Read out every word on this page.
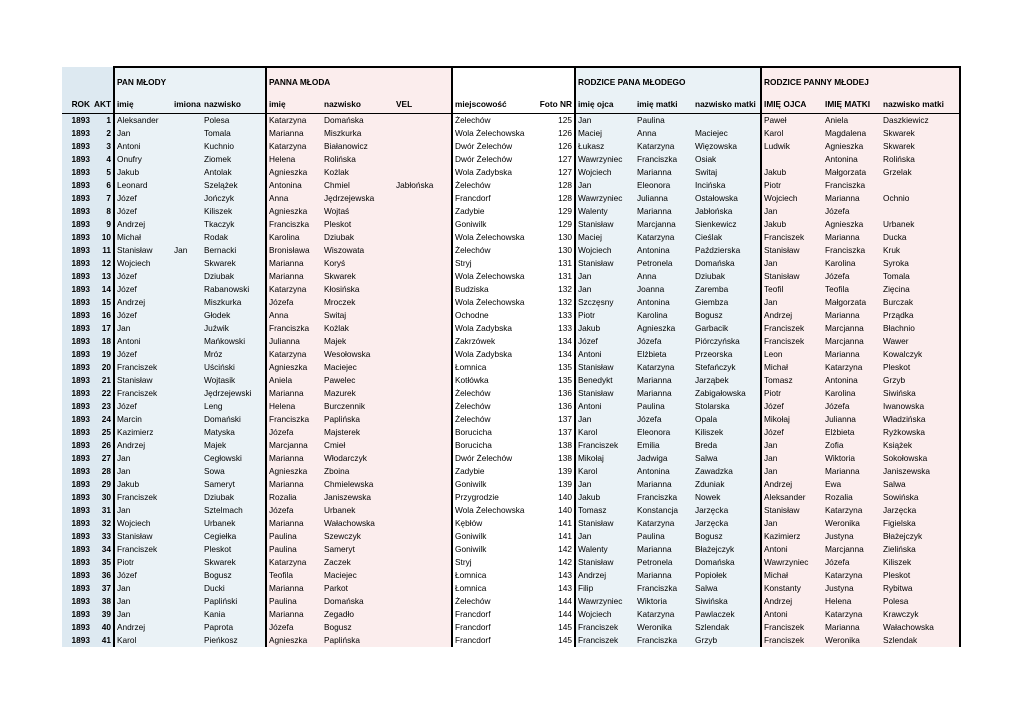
		PAN MŁODY			PANNA MŁODA					RODZICE PANA MŁODEGO			RODZICE PANNY MŁODEJ		
ROK	AKT	imię	imiona	nazwisko	imię	nazwisko	VEL	miejscowość	Foto NR	imię ojca	imię matki	nazwisko matki	IMIĘ OJCA	IMIĘ MATKI	nazwisko matki
1893	1	Aleksander		Polesa	Katarzyna	Domańska		Żelechów	125	Jan	Paulina		Paweł	Aniela	Daszkiewicz
1893	2	Jan		Tomala	Marianna	Miszkurka		Wola Żelechowska	126	Maciej	Anna	Maciejec	Karol	Magdalena	Skwarek
1893	3	Antoni		Kuchnio	Katarzyna	Białanowicz		Dwór Żelechów	126	Łukasz	Katarzyna	Więzowska	Ludwik	Agnieszka	Skwarek
1893	4	Onufry		Ziomek	Helena	Rolińska		Dwór Żelechów	127	Wawrzyniec	Franciszka	Osiak		Antonina	Rolińska
1893	5	Jakub		Antolak	Agnieszka	Kożlak		Wola Zadybska	127	Wojciech	Marianna	Switaj	Jakub	Małgorzata	Grzelak
1893	6	Leonard		Szelążek	Antonina	Chmiel	Jabłońska	Żelechów	128	Jan	Eleonora	Incińska	Piotr	Franciszka	
1893	7	Józef		Jończyk	Anna	Jędrzejewska		Francdorf	128	Wawrzyniec	Julianna	Ostałowska	Wojciech	Marianna	Ochnio
1893	8	Józef		Kiliszek	Agnieszka	Wojtaś		Zadybie	129	Walenty	Marianna	Jabłońska	Jan	Józefa	
1893	9	Andrzej		Tkaczyk	Franciszka	Pleskot		Goniwilk	129	Stanisław	Marcjanna	Sienkewicz	Jakub	Agnieszka	Urbanek
1893	10	Michał		Rodak	Karolina	Dziubak		Wola Żelechowska	130	Maciej	Katarzyna	Cieślak	Franciszek	Marianna	Ducka
1893	11	Stanisław	Jan	Bernacki	Bronisława	Wiszowata		Żelechów	130	Wojciech	Antonina	Paździerska	Stanisław	Franciszka	Kruk
1893	12	Wojciech		Skwarek	Marianna	Koryś		Stryj	131	Stanisław	Petronela	Domańska	Jan	Karolina	Syroka
1893	13	Józef		Dziubak	Marianna	Skwarek		Wola Żelechowska	131	Jan	Anna	Dziubak	Stanisław	Józefa	Tomala
1893	14	Józef		Rabanowski	Katarzyna	Kłosińska		Budziska	132	Jan	Joanna	Zaremba	Teofil	Teofila	Zięcina
1893	15	Andrzej		Miszkurka	Józefa	Mroczek		Wola Żelechowska	132	Szczęsny	Antonina	Giembza	Jan	Małgorzata	Burczak
1893	16	Józef		Głodek	Anna	Switaj		Ochodne	133	Piotr	Karolina	Bogusz	Andrzej	Marianna	Prządka
1893	17	Jan		Juźwik	Franciszka	Kożlak		Wola Zadybska	133	Jakub	Agnieszka	Garbacik	Franciszek	Marcjanna	Błachnio
1893	18	Antoni		Mańkowski	Julianna	Majek		Zakrzówek	134	Józef	Józefa	Piórczyńska	Franciszek	Marcjanna	Wawer
1893	19	Józef		Mróz	Katarzyna	Wesołowska		Wola Zadybska	134	Antoni	Elżbieta	Przeorska	Leon	Marianna	Kowalczyk
1893	20	Franciszek		Uściński	Agnieszka	Maciejec		Łomnica	135	Stanisław	Katarzyna	Stefańczyk	Michał	Katarzyna	Pleskot
1893	21	Stanisław		Wojtasik	Aniela	Pawelec		Kotłówka	135	Benedykt	Marianna	Jarząbek	Tomasz	Antonina	Grzyb
1893	22	Franciszek		Jędrzejewski	Marianna	Mazurek		Żelechów	136	Stanisław	Marianna	Zabigałowska	Piotr	Karolina	Siwińska
1893	23	Józef		Leng	Helena	Burczennik		Żelechów	136	Antoni	Paulina	Stolarska	Józef	Józefa	Iwanowska
1893	24	Marcin		Domański	Franciszka	Paplińska		Żelechów	137	Jan	Józefa	Opala	Mikołaj	Julianna	Władzińska
1893	25	Kazimierz		Matyska	Józefa	Majsterek		Borucicha	137	Karol	Eleonora	Kiliszek	Józef	Elżbieta	Ryżkowska
1893	26	Andrzej		Majek	Marcjanna	Cmieł		Borucicha	138	Franciszek	Emilia	Breda	Jan	Zofia	Książek
1893	27	Jan		Cegłowski	Marianna	Włodarczyk		Dwór Żelechów	138	Mikołaj	Jadwiga	Salwa	Jan	Wiktoria	Sokołowska
1893	28	Jan		Sowa	Agnieszka	Zboina		Zadybie	139	Karol	Antonina	Zawadzka	Jan	Marianna	Janiszewska
1893	29	Jakub		Sameryt	Marianna	Chmielewska		Goniwilk	139	Jan	Marianna	Zduniak	Andrzej	Ewa	Salwa
1893	30	Franciszek		Dziubak	Rozalia	Janiszewska		Przygrodzie	140	Jakub	Franciszka	Nowek	Aleksander	Rozalia	Sowińska
1893	31	Jan		Sztelmach	Józefa	Urbanek		Wola Żelechowska	140	Tomasz	Konstancja	Jarzęcka	Stanisław	Katarzyna	Jarzęcka
1893	32	Wojciech		Urbanek	Marianna	Wałachowska		Kębłów	141	Stanisław	Katarzyna	Jarzęcka	Jan	Weronika	Figielska
1893	33	Stanisław		Cegiełka	Paulina	Szewczyk		Goniwilk	141	Jan	Paulina	Bogusz	Kazimierz	Justyna	Błażejczyk
1893	34	Franciszek		Pleskot	Paulina	Sameryt		Goniwilk	142	Walenty	Marianna	Błażejczyk	Antoni	Marcjanna	Zielińska
1893	35	Piotr		Skwarek	Katarzyna	Zaczek		Stryj	142	Stanisław	Petronela	Domańska	Wawrzyniec	Józefa	Kiliszek
1893	36	Józef		Bogusz	Teofila	Maciejec		Łomnica	143	Andrzej	Marianna	Popiołek	Michał	Katarzyna	Pleskot
1893	37	Jan		Ducki	Marianna	Parkot		Łomnica	143	Filip	Franciszka	Salwa	Konstanty	Justyna	Rybitwa
1893	38	Jan		Papliński	Paulina	Domańska		Żelechów	144	Wawrzyniec	Wiktoria	Siwińska	Andrzej	Helena	Polesa
1893	39	Jan		Kania	Marianna	Zegadło		Francdorf	144	Wojciech	Katarzyna	Pawlaczek	Antoni	Katarzyna	Krawczyk
1893	40	Andrzej		Paprota	Józefa	Bogusz		Francdorf	145	Franciszek	Weronika	Szlendak	Franciszek	Marianna	Wałachowska
1893	41	Karol		Pieńkosz	Agnieszka	Paplińska		Francdorf	145	Franciszek	Franciszka	Grzyb	Franciszek	Weronika	Szlendak
